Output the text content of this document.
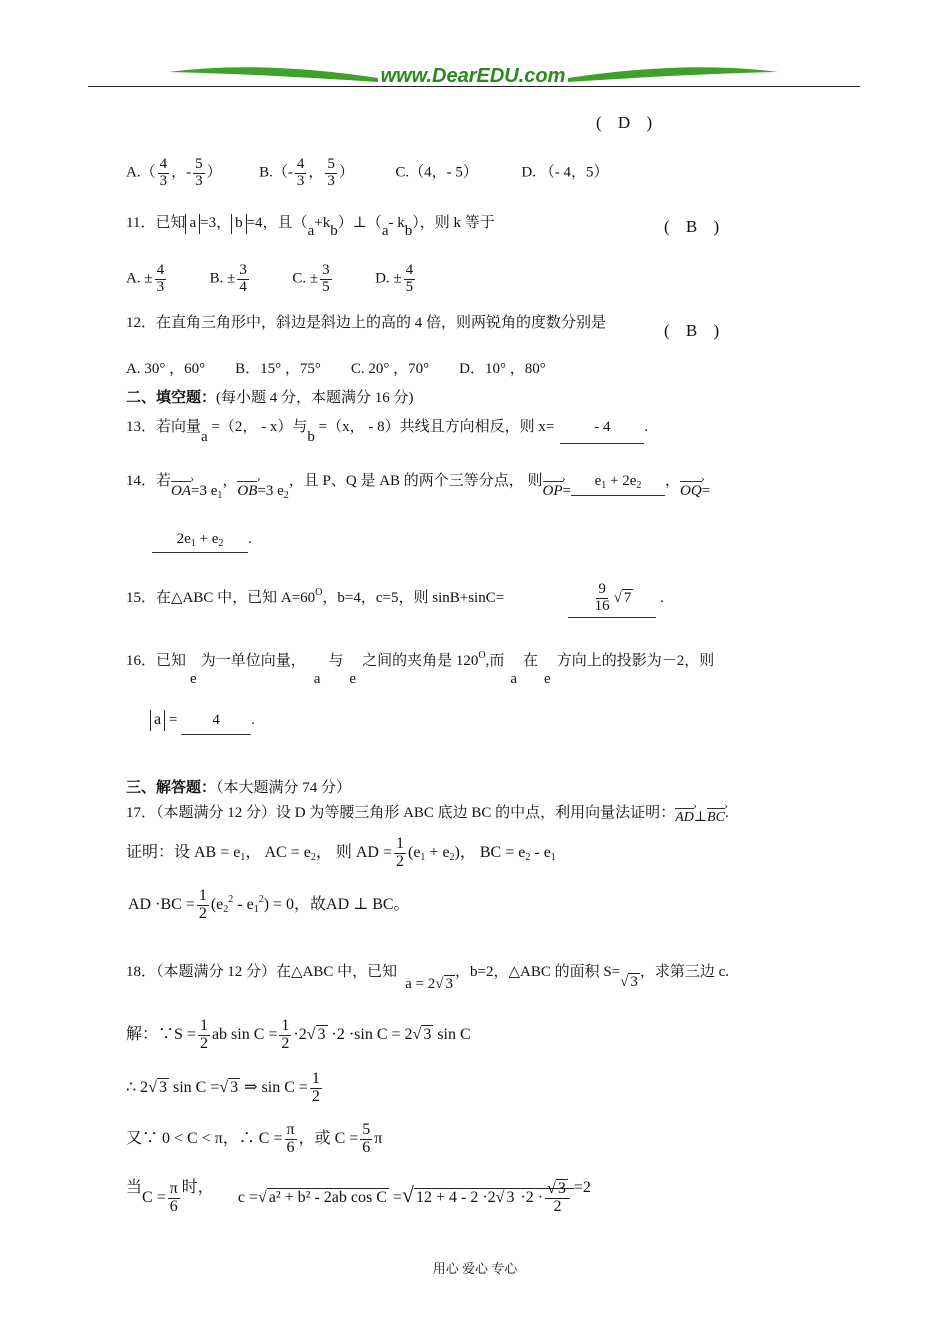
www.DearEDU.com
( D )
$A.( \frac{4}{3}$ ，- $\frac{5}{3}$ ）	$B.(- \frac{4}{3}$ ， $\frac{5}{3}$ ）	C.（4，- 5）	D. （- 4，5）
11．已知 a =3， b =4，且（a+kb）⊥（a- kb），则 k 等于	( B )
A. ± $\frac{4}{3}$	B. ± $\frac{3}{4}$	C. ± $\frac{3}{5}$	D. ± $\frac{4}{5}$
12．在直角三角形中，斜边是斜边上的高的 4 倍，则两锐角的度数分别是	( B )
A. 30° ，60° B．15° ，75° C. 20° ，70° D．10° ，80°
二、填空题：(每小题 4 分，本题满分 16 分)
13．若向量a =（2， - x）与b =（x， - 8）共线且方向相反，则 x=	- 4 .
14．若OA ›=3 $e_1$，OB ›=3 $e_2$，且 P、Q 是 AB 的两个三等分点， 则OP $›=e_1 + 2e_2$ ，OQ ›=
$2e_1 + e_2$ .
15．在△ABC 中，已知 $A=60^O$，b=4，c=5，则 sinB+sinC=	$\frac{9}{16}$ √ 7 .
16．已知e为一单位向量，a与e之间的夹角是 $120^O$,而a在e方向上的投影为－2，则
a = 4 .
三、解答题：（本大题满分 74 分）
17．（本题满分 12 分）设 D 为等腰三角形 ABC 底边 BC 的中点，利用向量法证明：AD ›⊥BC ›.
证明：设 AB = $e_1$， AC = $e_2$， 则 AD = $\frac{1}{2} (e_1 + e_2)$， BC = $e_2 - e_1$
AD $\cdot BC = \frac{1}{2} (e_2^2 - e_1^2) = 0$，故AD ⊥ BC。
18．（本题满分 12 分）在△ABC 中，已知a = 2√ 3，b=2，△ABC 的面积 S=√ 3，求第三边 c.
解：∵S = $\frac{1}{2}$ ab $\sin C = \frac{1}{2} \cdot 2√$ 3 ·2 ·sin C = 2√ 3 sin C
∴ 2√ 3 sin C =√ 3 ⇒ $\sin C = \frac{1}{2}$
又∵ 0 < C < π，∴ $C = \frac{\pi}{6}$ ，或 $C = \frac{5}{6}$ π
当$C = \frac{\pi}{6}$ 时，  c =√ a² + b² - 2ab cos C =√ 12 + 4 - 2 ·2√ $3 \cdot 2 \cdot \frac{√ 3}{2} =2$
用心 爱心 专心
